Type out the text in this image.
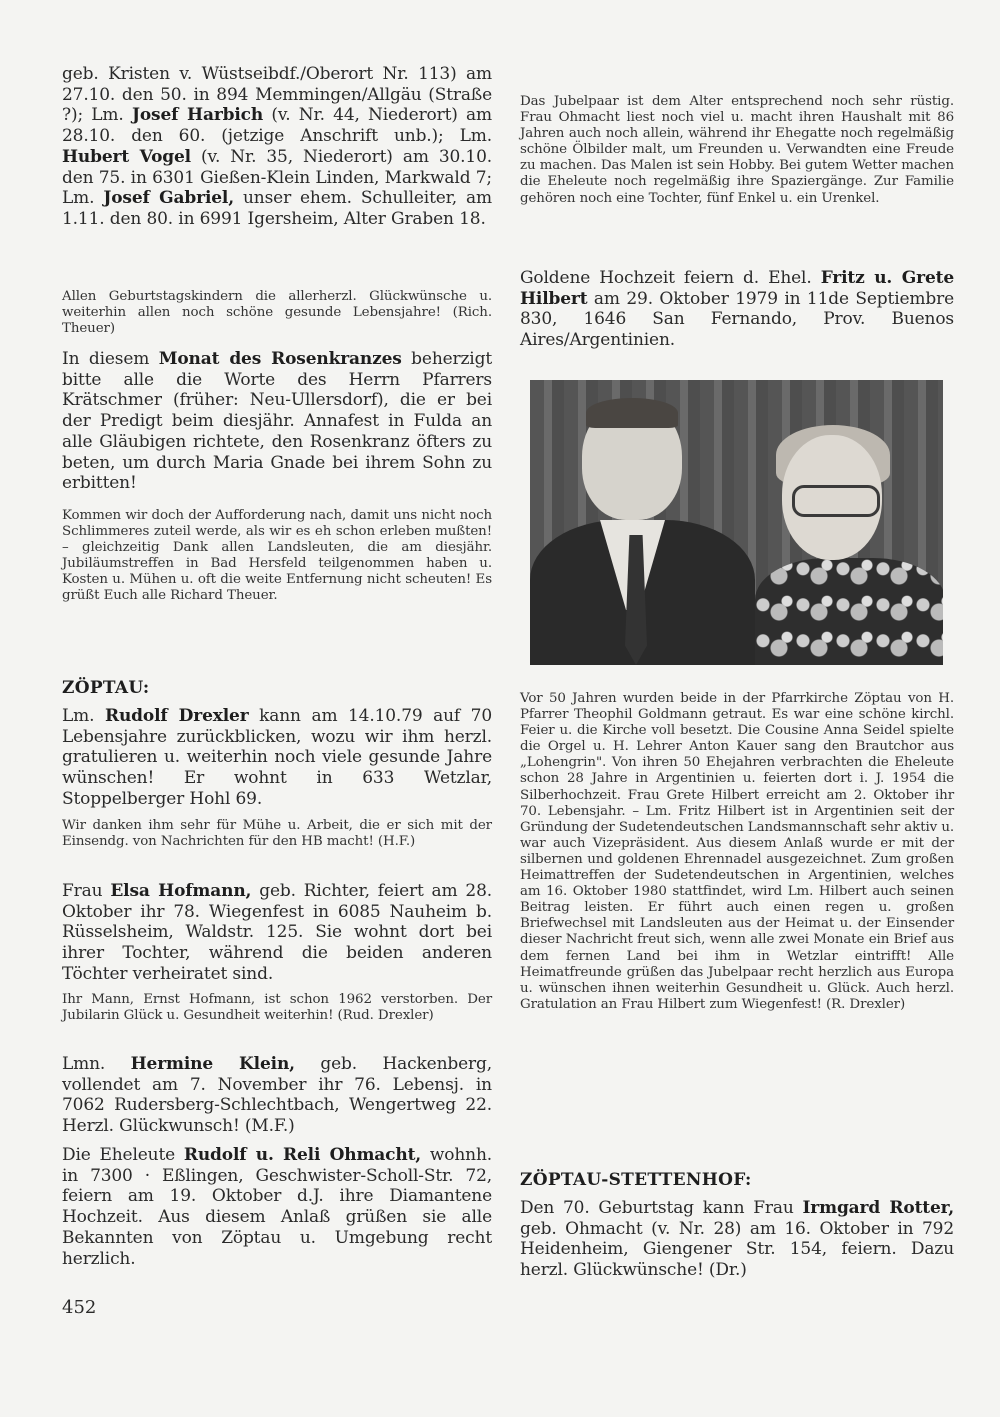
geb. Kristen v. Wüstseibdf./Oberort Nr. 113) am 27.10. den 50. in 894 Memmingen/Allgäu (Straße ?); Lm. Josef Harbich (v. Nr. 44, Niederort) am 28.10. den 60. (jetzige Anschrift unb.); Lm. Hubert Vogel (v. Nr. 35, Niederort) am 30.10. den 75. in 6301 Gießen-Klein Linden, Markwald 7; Lm. Josef Gabriel, unser ehem. Schulleiter, am 1.11. den 80. in 6991 Igersheim, Alter Graben 18.

Allen Geburtstagskindern die allerherzl. Glückwünsche u. weiterhin allen noch schöne gesunde Lebensjahre! (Rich. Theuer)

In diesem Monat des Rosenkranzes beherzigt bitte alle die Worte des Herrn Pfarrers Krätschmer (früher: Neu-Ullersdorf), die er bei der Predigt beim diesjähr. Annafest in Fulda an alle Gläubigen richtete, den Rosenkranz öfters zu beten, um durch Maria Gnade bei ihrem Sohn zu erbitten!

Kommen wir doch der Aufforderung nach, damit uns nicht noch Schlimmeres zuteil werde, als wir es eh schon erleben mußten! – gleichzeitig Dank allen Landsleuten, die am diesjähr. Jubiläumstreffen in Bad Hersfeld teilgenommen haben u. Kosten u. Mühen u. oft die weite Entfernung nicht scheuten! Es grüßt Euch alle Richard Theuer.

ZÖPTAU:

Lm. Rudolf Drexler kann am 14.10.79 auf 70 Lebensjahre zurückblicken, wozu wir ihm herzl. gratulieren u. weiterhin noch viele gesunde Jahre wünschen! Er wohnt in 633 Wetzlar, Stoppelberger Hohl 69.

Wir danken ihm sehr für Mühe u. Arbeit, die er sich mit der Einsendg. von Nachrichten für den HB macht! (H.F.)

Frau Elsa Hofmann, geb. Richter, feiert am 28. Oktober ihr 78. Wiegenfest in 6085 Nauheim b. Rüsselsheim, Waldstr. 125. Sie wohnt dort bei ihrer Tochter, während die beiden anderen Töchter verheiratet sind.

Ihr Mann, Ernst Hofmann, ist schon 1962 verstorben. Der Jubilarin Glück u. Gesundheit weiterhin! (Rud. Drexler)

Lmn. Hermine Klein, geb. Hackenberg, vollendet am 7. November ihr 76. Lebensj. in 7062 Rudersberg-Schlechtbach, Wengertweg 22. Herzl. Glückwunsch! (M.F.)

Die Eheleute Rudolf u. Reli Ohmacht, wohnh. in 7300 · Eßlingen, Geschwister-Scholl-Str. 72, feiern am 19. Oktober d.J. ihre Diamantene Hochzeit. Aus diesem Anlaß grüßen sie alle Bekannten von Zöptau u. Umgebung recht herzlich.

452

Das Jubelpaar ist dem Alter entsprechend noch sehr rüstig. Frau Ohmacht liest noch viel u. macht ihren Haushalt mit 86 Jahren auch noch allein, während ihr Ehegatte noch regelmäßig schöne Ölbilder malt, um Freunden u. Verwandten eine Freude zu machen. Das Malen ist sein Hobby. Bei gutem Wetter machen die Eheleute noch regelmäßig ihre Spaziergänge. Zur Familie gehören noch eine Tochter, fünf Enkel u. ein Urenkel.

Goldene Hochzeit feiern d. Ehel. Fritz u. Grete Hilbert am 29. Oktober 1979 in 11de Septiembre 830, 1646 San Fernando, Prov. Buenos Aires/Argentinien.

Vor 50 Jahren wurden beide in der Pfarrkirche Zöptau von H. Pfarrer Theophil Goldmann getraut. Es war eine schöne kirchl. Feier u. die Kirche voll besetzt. Die Cousine Anna Seidel spielte die Orgel u. H. Lehrer Anton Kauer sang den Brautchor aus „Lohengrin". Von ihren 50 Ehejahren verbrachten die Eheleute schon 28 Jahre in Argentinien u. feierten dort i. J. 1954 die Silberhochzeit. Frau Grete Hilbert erreicht am 2. Oktober ihr 70. Lebensjahr. – Lm. Fritz Hilbert ist in Argentinien seit der Gründung der Sudetendeutschen Landsmannschaft sehr aktiv u. war auch Vizepräsident. Aus diesem Anlaß wurde er mit der silbernen und goldenen Ehrennadel ausgezeichnet. Zum großen Heimattreffen der Sudetendeutschen in Argentinien, welches am 16. Oktober 1980 stattfindet, wird Lm. Hilbert auch seinen Beitrag leisten. Er führt auch einen regen u. großen Briefwechsel mit Landsleuten aus der Heimat u. der Einsender dieser Nachricht freut sich, wenn alle zwei Monate ein Brief aus dem fernen Land bei ihm in Wetzlar eintrifft! Alle Heimatfreunde grüßen das Jubelpaar recht herzlich aus Europa u. wünschen ihnen weiterhin Gesundheit u. Glück. Auch herzl. Gratulation an Frau Hilbert zum Wiegenfest! (R. Drexler)

ZÖPTAU-STETTENHOF:

Den 70. Geburtstag kann Frau Irmgard Rotter, geb. Ohmacht (v. Nr. 28) am 16. Oktober in 792 Heidenheim, Giengener Str. 154, feiern. Dazu herzl. Glückwünsche! (Dr.)
